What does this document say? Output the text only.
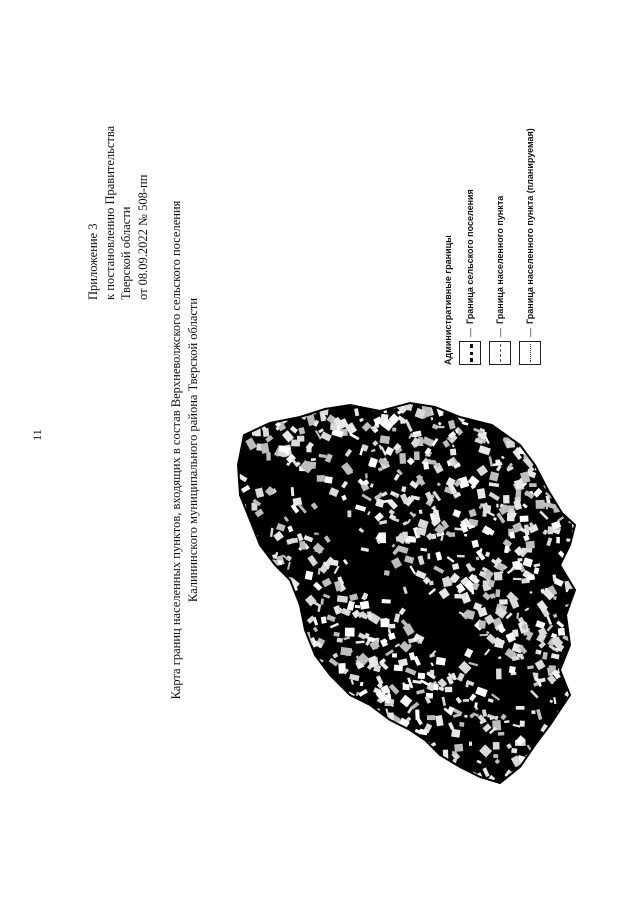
11
Приложение 3 к постановлению Правительства Тверской области от 08.09.2022 № 508-пп Карта границ населенных пунктов, входящих в состав Верхневолжского сельского поселения Калининского муниципального района Тверской области	Административные границы —
Граница сельского поселения
—
Граница населенного пункта
—
Граница населенного пункта (планируемая)
